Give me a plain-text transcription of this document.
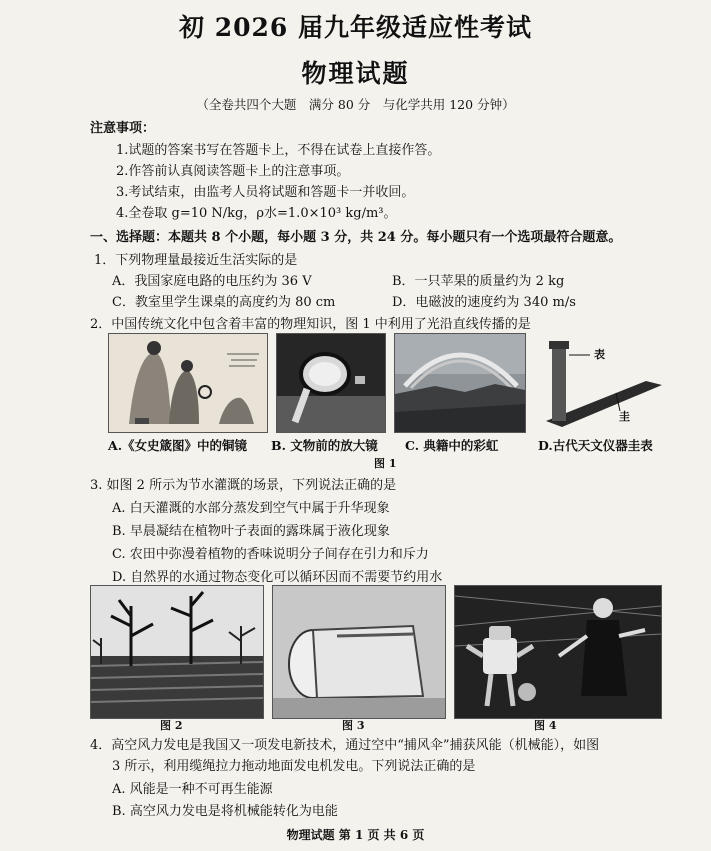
初 2026 届九年级适应性考试
物理试题
（全卷共四个大题　满分 80 分　与化学共用 120 分钟）
注意事项：
1.试题的答案书写在答题卡上，不得在试卷上直接作答。
2.作答前认真阅读答题卡上的注意事项。
3.考试结束，由监考人员将试题和答题卡一并收回。
4.全卷取 g=10 N/kg，ρ水=1.0×10³ kg/m³。
一、选择题：本题共 8 个小题，每小题 3 分，共 24 分。每小题只有一个选项最符合题意。
1．下列物理量最接近生活实际的是
A．我国家庭电路的电压约为 36 V	B．一只苹果的质量约为 2 kg
C．教室里学生课桌的高度约为 80 cm	D．电磁波的速度约为 340 m/s
2．中国传统文化中包含着丰富的物理知识，图 1 中利用了光沿直线传播的是
表
圭
A.《女史箴图》中的铜镜 B. 文物前的放大镜 C. 典籍中的彩虹	D.古代天文仪器圭表
图 1
3. 如图 2 所示为节水灌溉的场景，下列说法正确的是
A. 白天灌溉的水部分蒸发到空气中属于升华现象
B. 早晨凝结在植物叶子表面的露珠属于液化现象
C. 农田中弥漫着植物的香味说明分子间存在引力和斥力
D. 自然界的水通过物态变化可以循环因而不需要节约用水
图 2	图 3	图 4
4．高空风力发电是我国又一项发电新技术，通过空中“捕风伞”捕获风能（机械能），如图
3 所示，利用缆绳拉力拖动地面发电机发电。下列说法正确的是
A. 风能是一种不可再生能源
B. 高空风力发电是将机械能转化为电能
物理试题 第 1 页 共 6 页
